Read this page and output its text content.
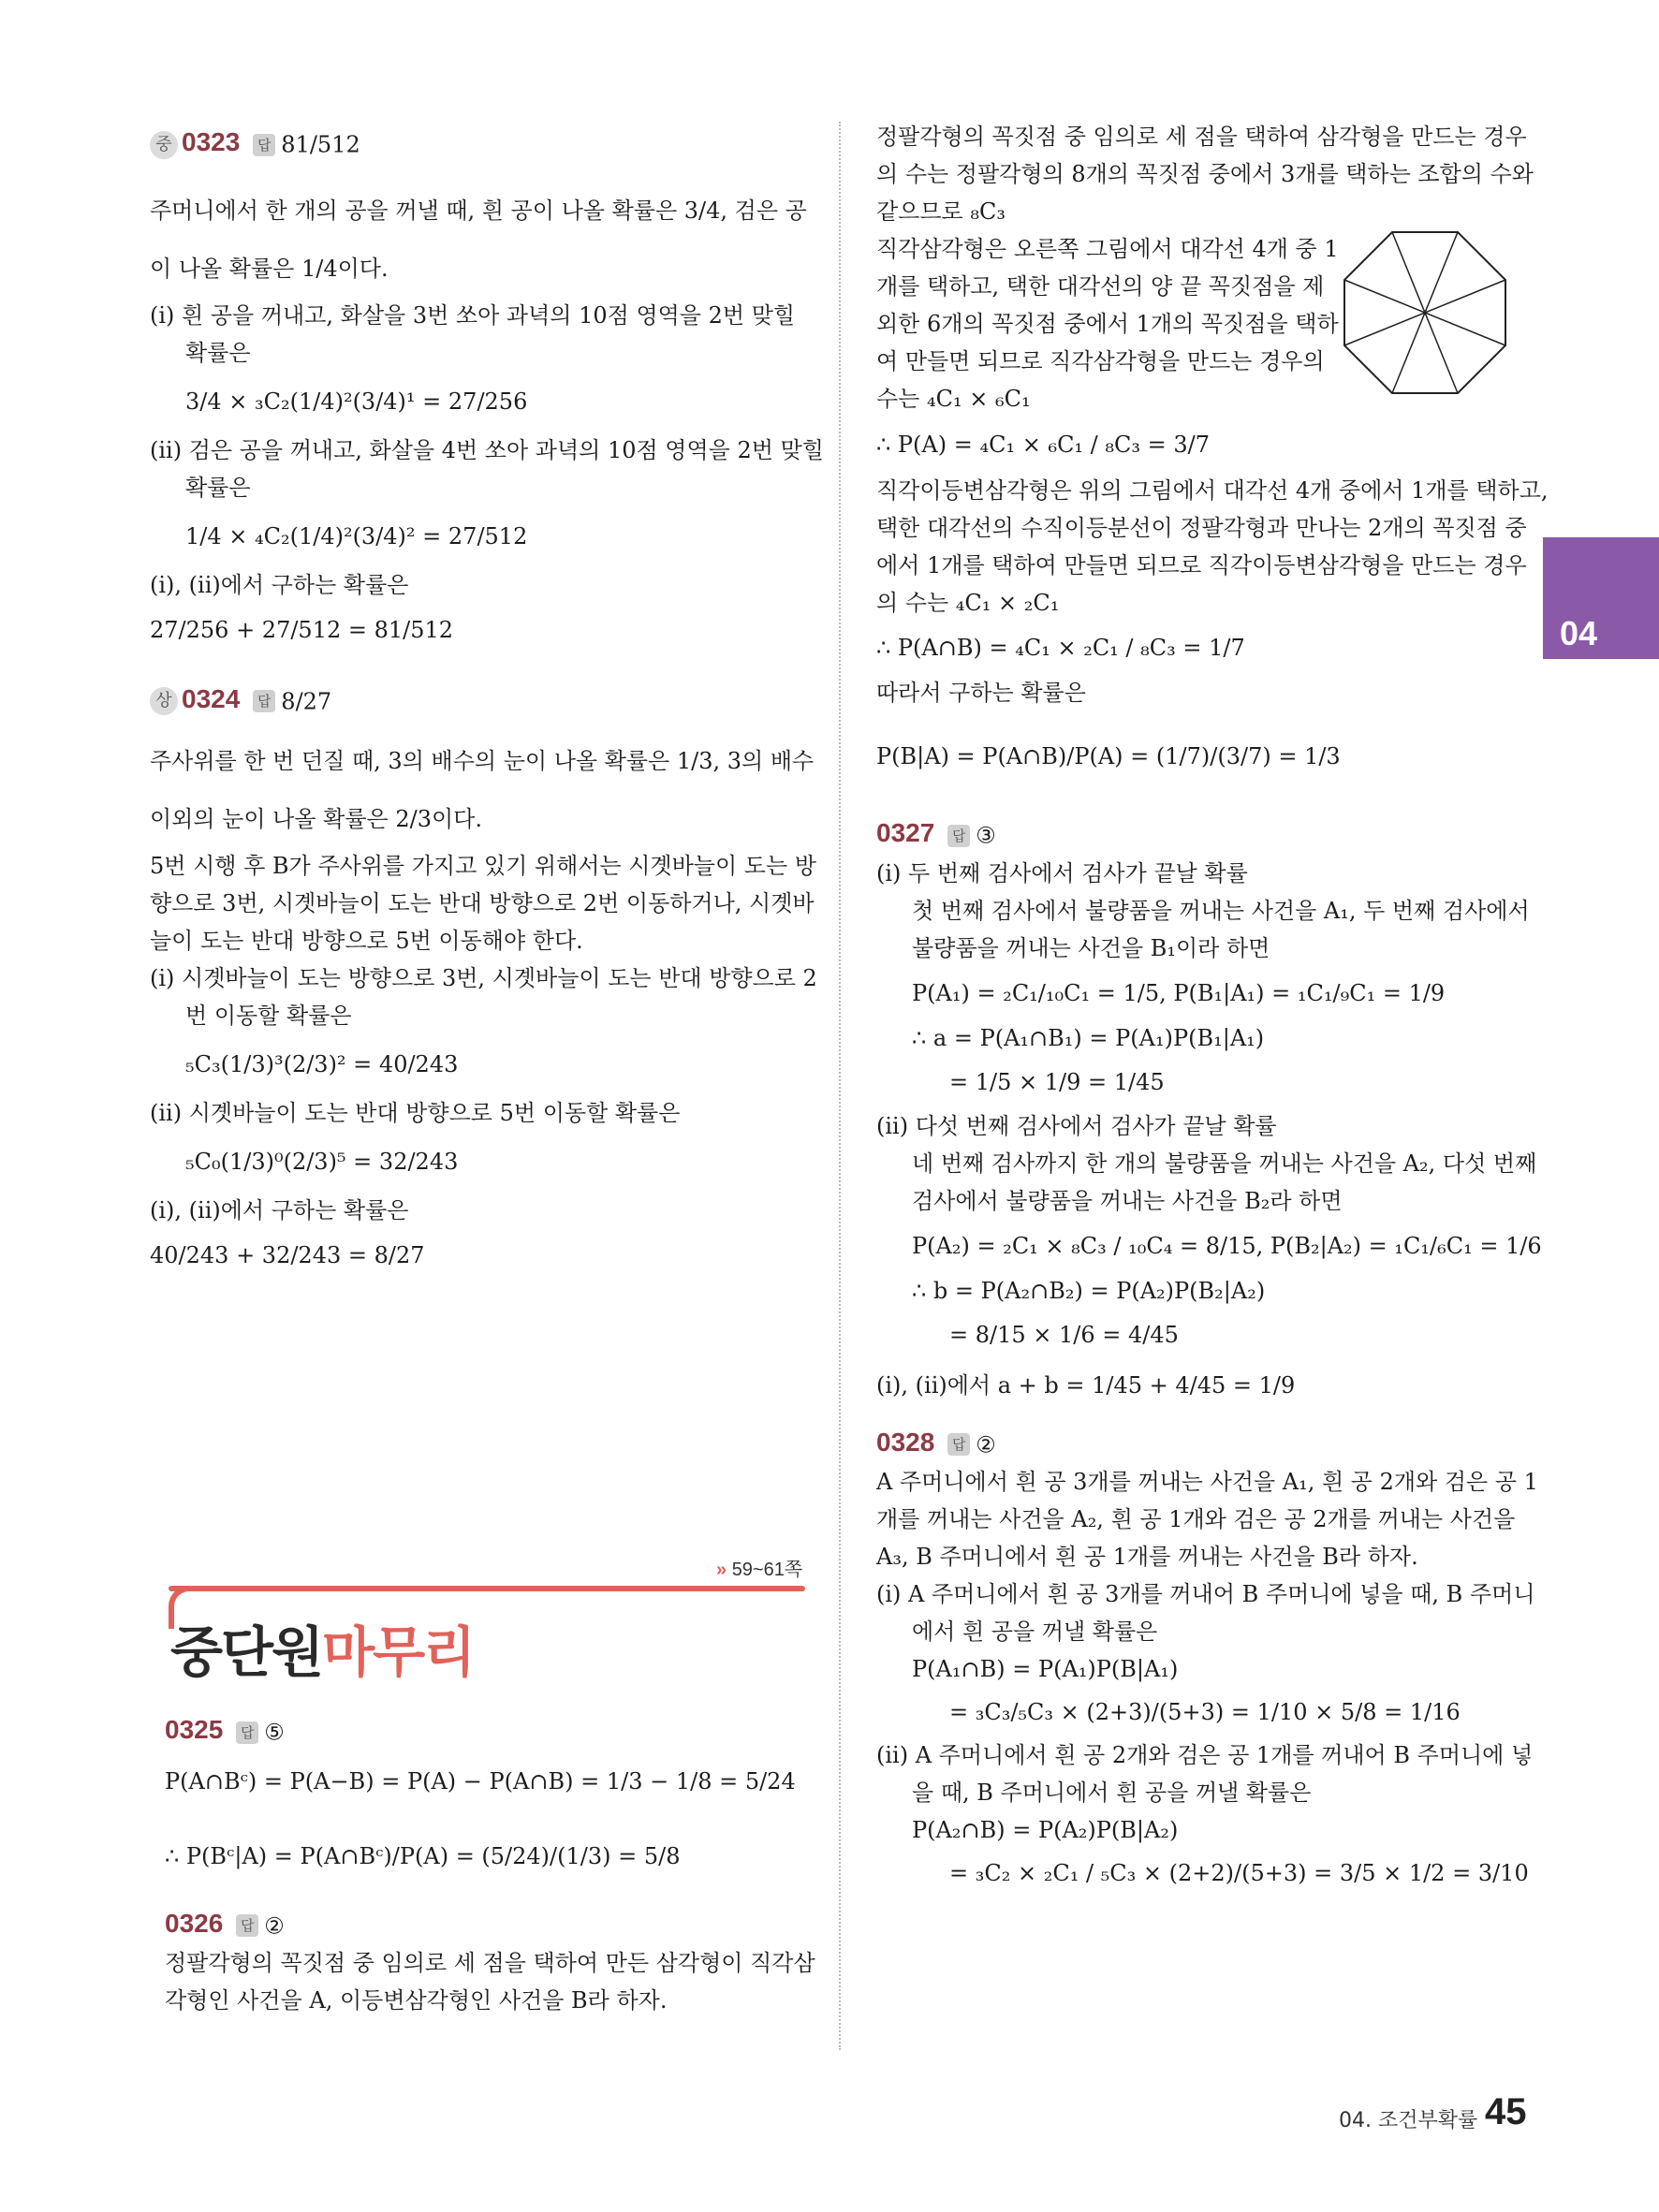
04
중 0323 답 81/512
주머니에서 한 개의 공을 꺼낼 때, 흰 공이 나올 확률은 3/4, 검은 공
이 나올 확률은 1/4이다.
(i) 흰 공을 꺼내고, 화살을 3번 쏘아 과녁의 10점 영역을 2번 맞힐
확률은
3/4 × ₃C₂(1/4)²(3/4)¹ = 27/256
(ii) 검은 공을 꺼내고, 화살을 4번 쏘아 과녁의 10점 영역을 2번 맞힐
확률은
1/4 × ₄C₂(1/4)²(3/4)² = 27/512
(i), (ii)에서 구하는 확률은
27/256 + 27/512 = 81/512
상 0324 답 8/27
주사위를 한 번 던질 때, 3의 배수의 눈이 나올 확률은 1/3, 3의 배수
이외의 눈이 나올 확률은 2/3이다.
5번 시행 후 B가 주사위를 가지고 있기 위해서는 시곗바늘이 도는 방
향으로 3번, 시곗바늘이 도는 반대 방향으로 2번 이동하거나, 시곗바
늘이 도는 반대 방향으로 5번 이동해야 한다.
(i) 시곗바늘이 도는 방향으로 3번, 시곗바늘이 도는 반대 방향으로 2
번 이동할 확률은
₅C₃(1/3)³(2/3)² = 40/243
(ii) 시곗바늘이 도는 반대 방향으로 5번 이동할 확률은
₅C₀(1/3)⁰(2/3)⁵ = 32/243
(i), (ii)에서 구하는 확률은
40/243 + 32/243 = 8/27
» 59~61쪽
중단원마무리
0325 답 ⑤
P(A∩Bᶜ) = P(A−B) = P(A) − P(A∩B) = 1/3 − 1/8 = 5/24
∴ P(Bᶜ|A) = P(A∩Bᶜ)/P(A) = (5/24)/(1/3) = 5/8
0326 답 ②
정팔각형의 꼭짓점 중 임의로 세 점을 택하여 만든 삼각형이 직각삼
각형인 사건을 A, 이등변삼각형인 사건을 B라 하자.
정팔각형의 꼭짓점 중 임의로 세 점을 택하여 삼각형을 만드는 경우
의 수는 정팔각형의 8개의 꼭짓점 중에서 3개를 택하는 조합의 수와
같으므로 ₈C₃
직각삼각형은 오른쪽 그림에서 대각선 4개 중 1
개를 택하고, 택한 대각선의 양 끝 꼭짓점을 제
외한 6개의 꼭짓점 중에서 1개의 꼭짓점을 택하
여 만들면 되므로 직각삼각형을 만드는 경우의
수는 ₄C₁ × ₆C₁
∴ P(A) = ₄C₁ × ₆C₁ / ₈C₃ = 3/7
직각이등변삼각형은 위의 그림에서 대각선 4개 중에서 1개를 택하고,
택한 대각선의 수직이등분선이 정팔각형과 만나는 2개의 꼭짓점 중
에서 1개를 택하여 만들면 되므로 직각이등변삼각형을 만드는 경우
의 수는 ₄C₁ × ₂C₁
∴ P(A∩B) = ₄C₁ × ₂C₁ / ₈C₃ = 1/7
따라서 구하는 확률은
P(B|A) = P(A∩B)/P(A) = (1/7)/(3/7) = 1/3
0327 답 ③
(i) 두 번째 검사에서 검사가 끝날 확률
첫 번째 검사에서 불량품을 꺼내는 사건을 A₁, 두 번째 검사에서
불량품을 꺼내는 사건을 B₁이라 하면
P(A₁) = ₂C₁/₁₀C₁ = 1/5, P(B₁|A₁) = ₁C₁/₉C₁ = 1/9
∴ a = P(A₁∩B₁) = P(A₁)P(B₁|A₁)
= 1/5 × 1/9 = 1/45
(ii) 다섯 번째 검사에서 검사가 끝날 확률
네 번째 검사까지 한 개의 불량품을 꺼내는 사건을 A₂, 다섯 번째
검사에서 불량품을 꺼내는 사건을 B₂라 하면
P(A₂) = ₂C₁ × ₈C₃ / ₁₀C₄ = 8/15, P(B₂|A₂) = ₁C₁/₆C₁ = 1/6
∴ b = P(A₂∩B₂) = P(A₂)P(B₂|A₂)
= 8/15 × 1/6 = 4/45
(i), (ii)에서 a + b = 1/45 + 4/45 = 1/9
0328 답 ②
A 주머니에서 흰 공 3개를 꺼내는 사건을 A₁, 흰 공 2개와 검은 공 1
개를 꺼내는 사건을 A₂, 흰 공 1개와 검은 공 2개를 꺼내는 사건을
A₃, B 주머니에서 흰 공 1개를 꺼내는 사건을 B라 하자.
(i) A 주머니에서 흰 공 3개를 꺼내어 B 주머니에 넣을 때, B 주머니
에서 흰 공을 꺼낼 확률은
P(A₁∩B) = P(A₁)P(B|A₁)
= ₃C₃/₅C₃ × (2+3)/(5+3) = 1/10 × 5/8 = 1/16
(ii) A 주머니에서 흰 공 2개와 검은 공 1개를 꺼내어 B 주머니에 넣
을 때, B 주머니에서 흰 공을 꺼낼 확률은
P(A₂∩B) = P(A₂)P(B|A₂)
= ₃C₂ × ₂C₁ / ₅C₃ × (2+2)/(5+3) = 3/5 × 1/2 = 3/10
04. 조건부확률 45
